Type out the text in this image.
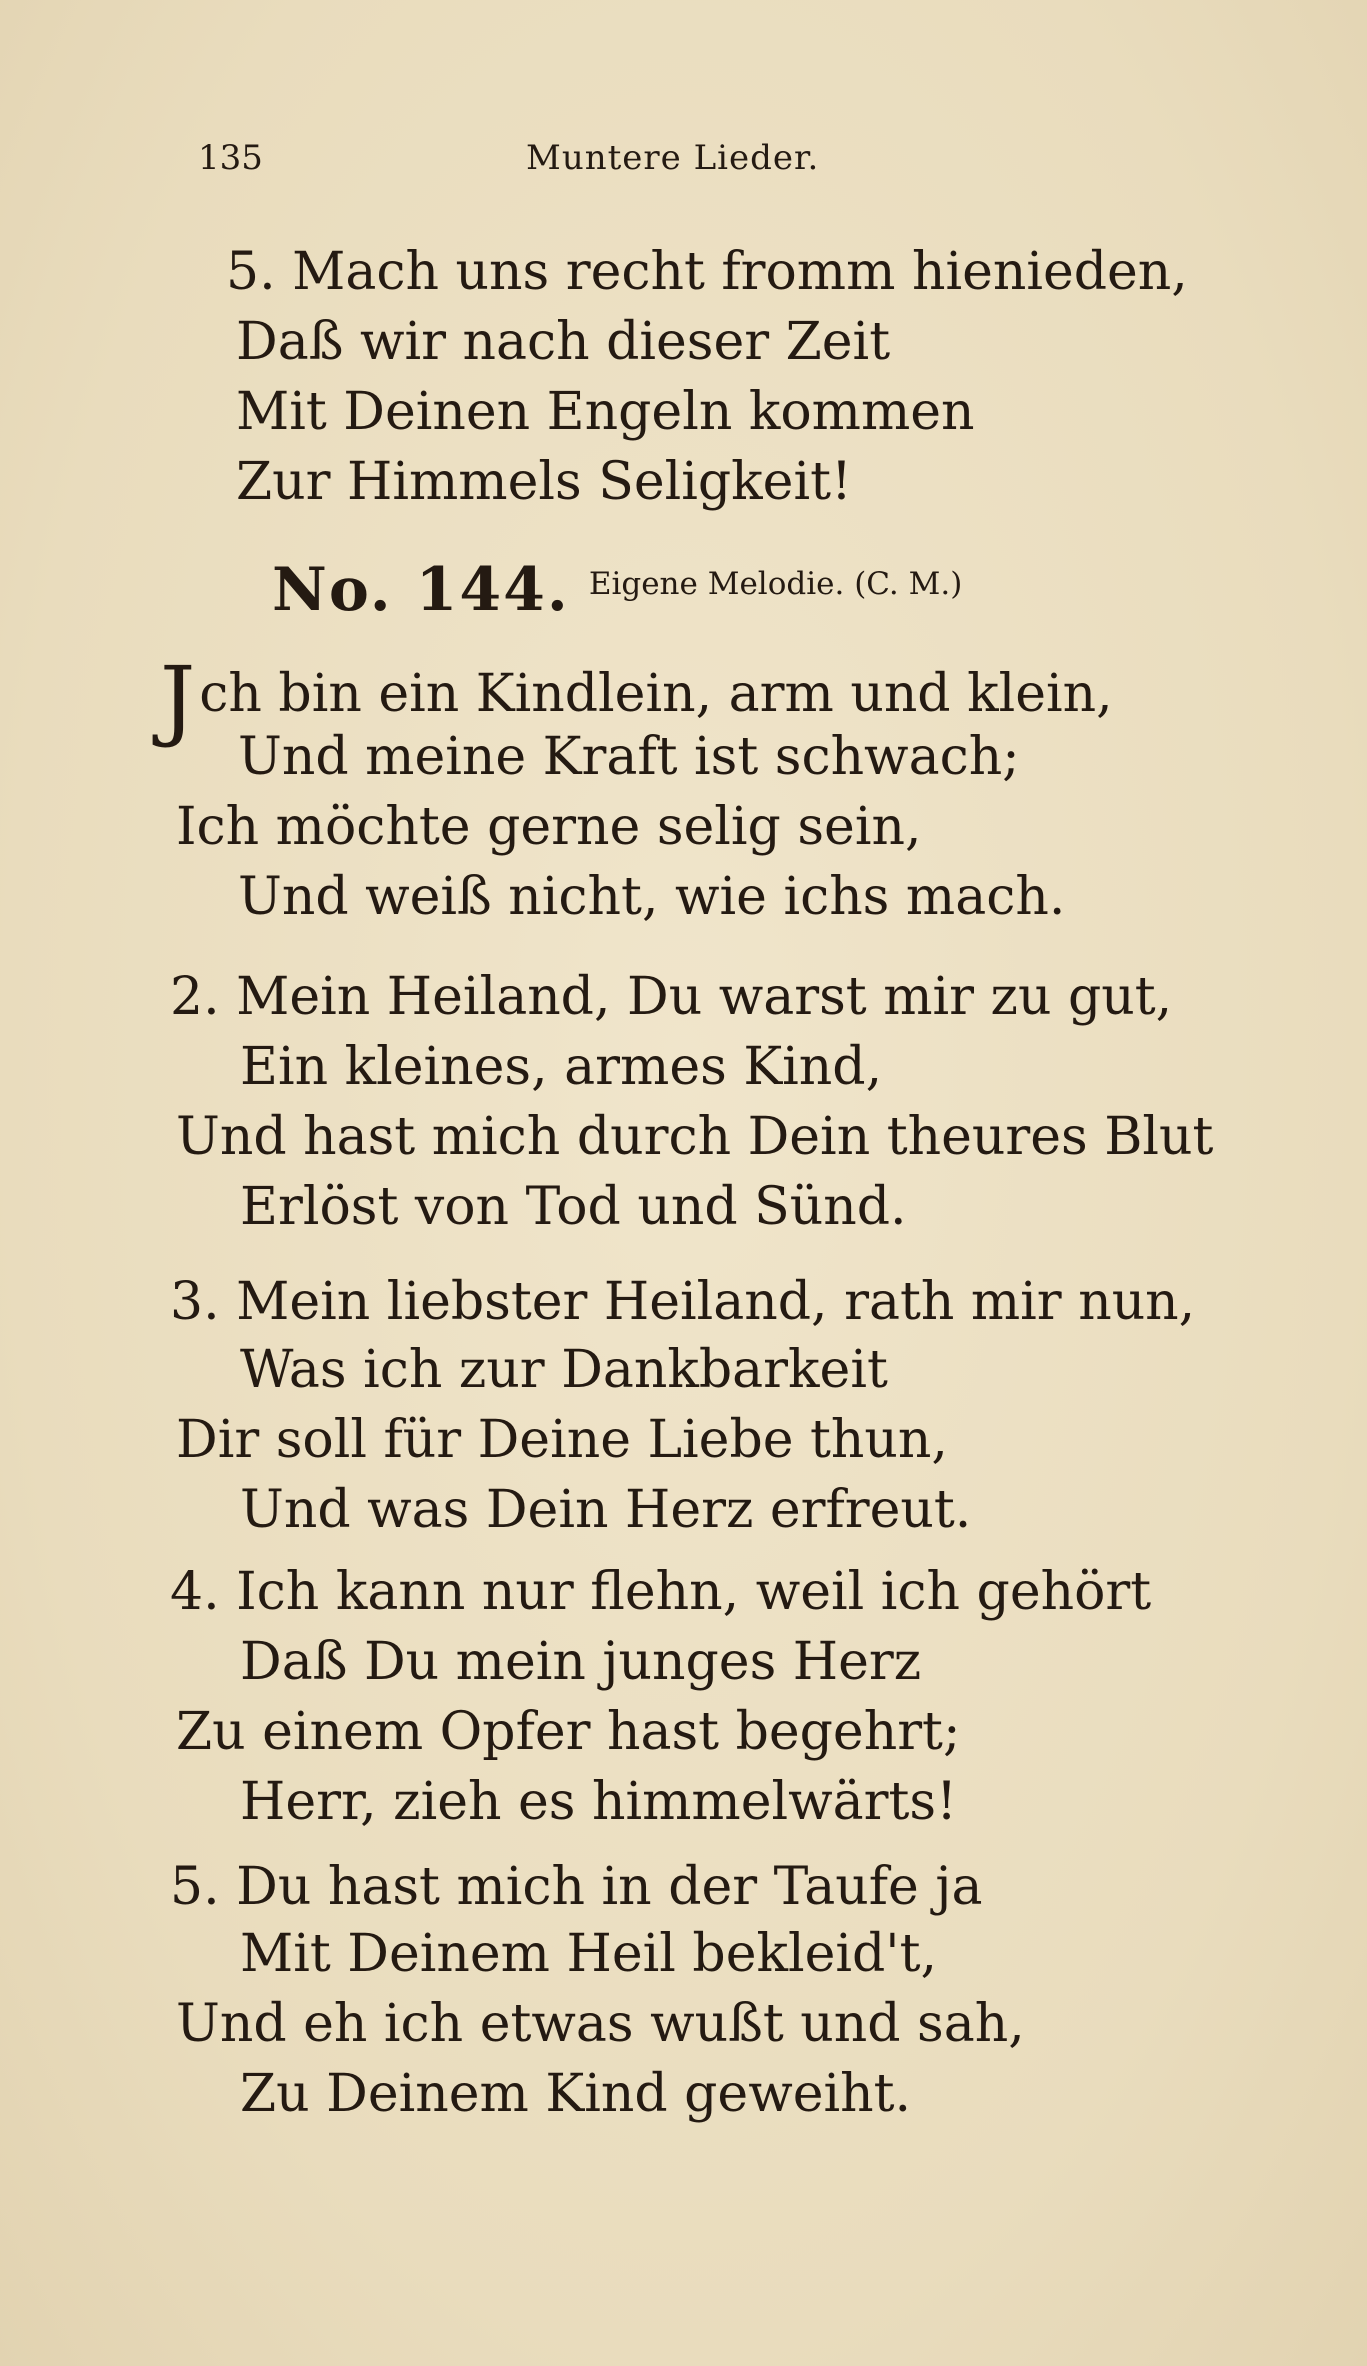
135	Muntere Lieder.
5. Mach uns recht fromm hienieden,
Daß wir nach dieser Zeit
Mit Deinen Engeln kommen
Zur Himmels Seligkeit!
No. 144. Eigene Melodie. (C. M.)
Jch bin ein Kindlein, arm und klein,
Und meine Kraft ist schwach;
Ich möchte gerne selig sein,
Und weiß nicht, wie ichs mach.
2. Mein Heiland, Du warst mir zu gut,
Ein kleines, armes Kind,
Und hast mich durch Dein theures Blut
Erlöst von Tod und Sünd.
3. Mein liebster Heiland, rath mir nun,
Was ich zur Dankbarkeit
Dir soll für Deine Liebe thun,
Und was Dein Herz erfreut.
4. Ich kann nur flehn, weil ich gehört
Daß Du mein junges Herz
Zu einem Opfer hast begehrt;
Herr, zieh es himmelwärts!
5. Du hast mich in der Taufe ja
Mit Deinem Heil bekleid't,
Und eh ich etwas wußt und sah,
Zu Deinem Kind geweiht.
